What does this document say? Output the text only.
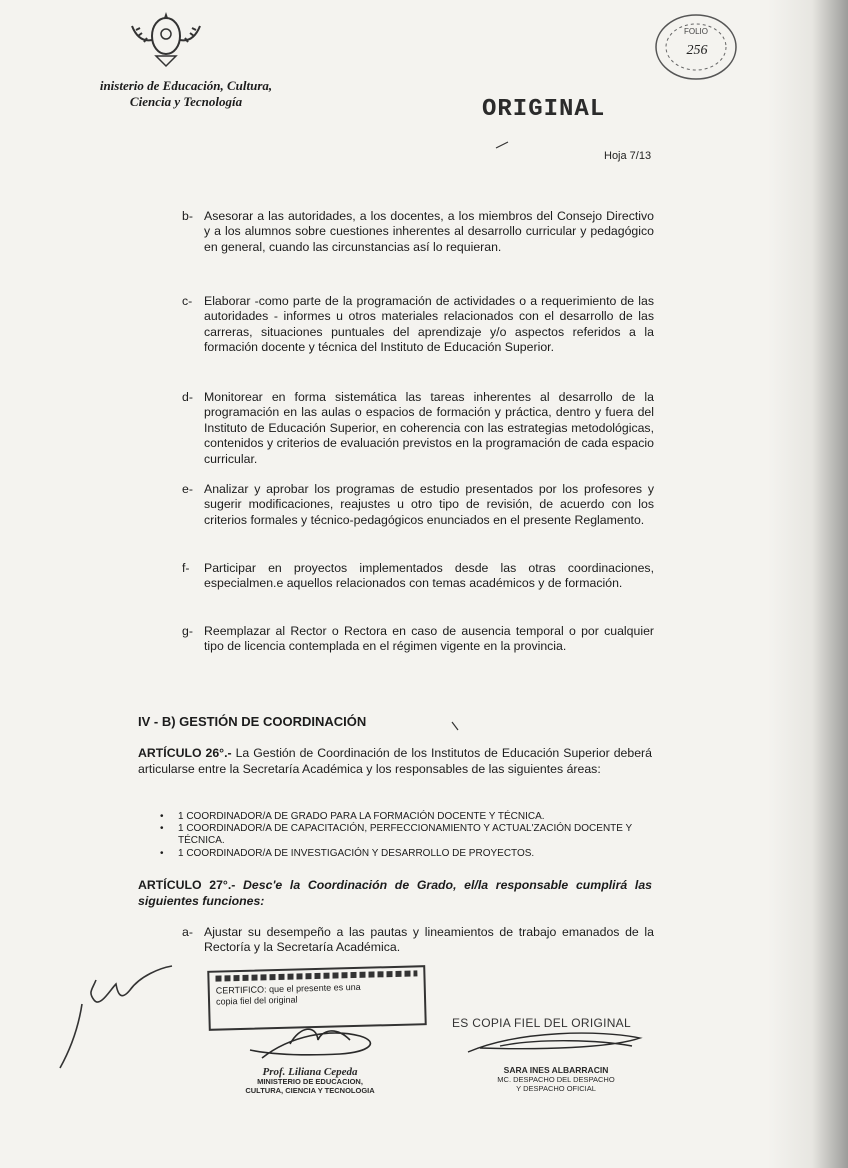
inisterio de Educación, Cultura,
Ciencia y Tecnología
FOLIO
256
ORIGINAL
Hoja 7/13
b- Asesorar a las autoridades, a los docentes, a los miembros del Consejo Directivo y a los alumnos sobre cuestiones inherentes al desarrollo curricular y pedagógico en general, cuando las circunstancias así lo requieran.
c- Elaborar -como parte de la programación de actividades o a requerimiento de las autoridades - informes u otros materiales relacionados con el desarrollo de las carreras, situaciones puntuales del aprendizaje y/o aspectos referidos a la formación docente y técnica del Instituto de Educación Superior.
d- Monitorear en forma sistemática las tareas inherentes al desarrollo de la programación en las aulas o espacios de formación y práctica, dentro y fuera del Instituto de Educación Superior, en coherencia con las estrategias metodológicas, contenidos y criterios de evaluación previstos en la programación de cada espacio curricular.
e- Analizar y aprobar los programas de estudio presentados por los profesores y sugerir modificaciones, reajustes u otro tipo de revisión, de acuerdo con los criterios formales y técnico-pedagógicos enunciados en el presente Reglamento.
f-	Participar en proyectos implementados desde las otras coordinaciones, especialmen.e aquellos relacionados con temas académicos y de formación.
g- Reemplazar al Rector o Rectora en caso de ausencia temporal o por cualquier tipo de licencia contemplada en el régimen vigente en la provincia.
IV - B) GESTIÓN DE COORDINACIÓN
ARTÍCULO 26°.- La Gestión de Coordinación de los Institutos de Educación Superior deberá articularse entre la Secretaría Académica y los responsables de las siguientes áreas:
• 1 COORDINADOR/A DE GRADO PARA LA FORMACIÓN DOCENTE Y TÉCNICA.
• 1 COORDINADOR/A DE CAPACITACIÓN, PERFECCIONAMIENTO Y ACTUAL'ZACIÓN DOCENTE Y TÉCNICA.
• 1 COORDINADOR/A DE INVESTIGACIÓN Y DESARROLLO DE PROYECTOS.
ARTÍCULO 27°.- Desc'e la Coordinación de Grado, el/la responsable cumplirá las siguientes funciones:
a- Ajustar su desempeño a las pautas y lineamientos de trabajo emanados de la Rectoría y la Secretaría Académica.
CERTIFICO: que el presente es una
copia fiel del original
ES COPIA FIEL DEL ORIGINAL
Prof. Liliana Cepeda
MINISTERIO DE EDUCACION,
CULTURA, CIENCIA Y TECNOLOGIA
SARA INES ALBARRACIN
MC. DESPACHO DEL DESPACHO
Y DESPACHO OFICIAL
